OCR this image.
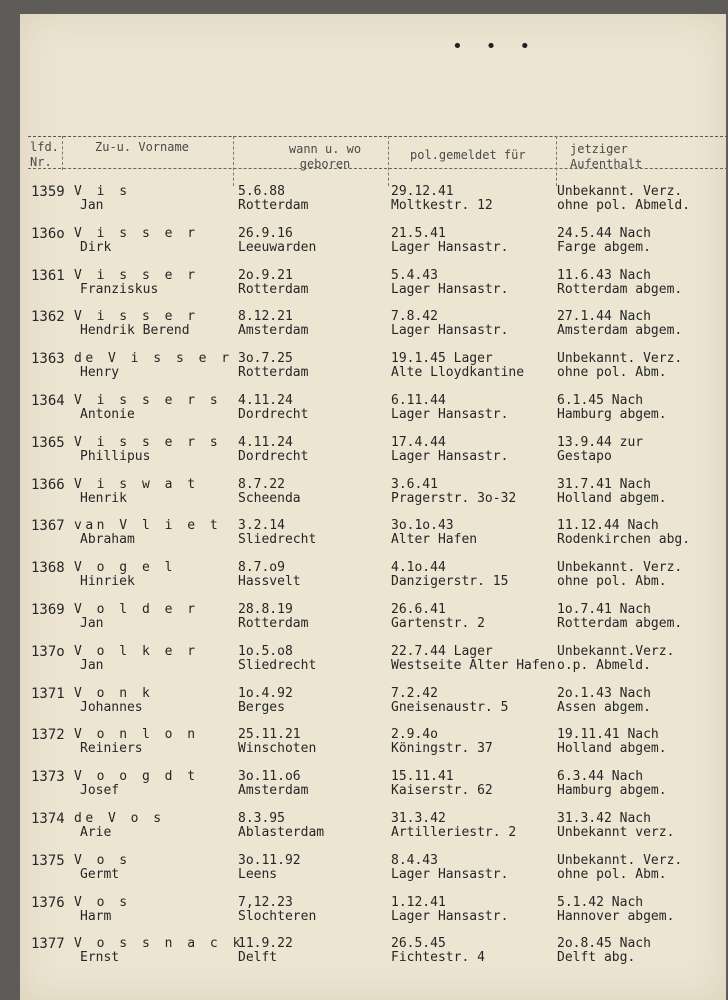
• • •
lfd. Nr.
Zu-u. Vorname	wann u. wo geboren
pol.gemeldet für	jetziger Aufenthalt
1359 V i s
Jan
5.6.88
Rotterdam
29.12.41
Moltkestr. 12
Unbekannt. Verz.
ohne pol. Abmeld.
136o V i s s e r
Dirk
26.9.16
Leeuwarden
21.5.41
Lager Hansastr.
24.5.44 Nach
Farge abgem.
1361 V i s s e r
Franziskus
2o.9.21
Rotterdam
5.4.43
Lager Hansastr.
11.6.43 Nach
Rotterdam abgem.
1362 V i s s e r
Hendrik Berend
8.12.21
Amsterdam
7.8.42
Lager Hansastr.
27.1.44 Nach
Amsterdam abgem.
1363 de V i s s e r
Henry
3o.7.25
Rotterdam
19.1.45 Lager
Alte Lloydkantine
Unbekannt. Verz.
ohne pol. Abm.
1364 V i s s e r s
Antonie
4.11.24
Dordrecht
6.11.44
Lager Hansastr.
6.1.45 Nach
Hamburg abgem.
1365 V i s s e r s
Phillipus
4.11.24
Dordrecht
17.4.44
Lager Hansastr.
13.9.44 zur
Gestapo
1366 V i s w a t
Henrik
8.7.22
Scheenda
3.6.41
Pragerstr. 3o-32
31.7.41 Nach
Holland abgem.
1367 van V l i e t
Abraham
3.2.14
Sliedrecht
3o.1o.43
Alter Hafen
11.12.44 Nach
Rodenkirchen abg.
1368 V o g e l
Hinriek
8.7.o9
Hassvelt
4.1o.44
Danzigerstr. 15
Unbekannt. Verz.
ohne pol. Abm.
1369 V o l d e r
Jan
28.8.19
Rotterdam
26.6.41
Gartenstr. 2
1o.7.41 Nach
Rotterdam abgem.
137o V o l k e r
Jan
1o.5.o8
Sliedrecht
22.7.44 Lager
Westseite Alter Hafen
Unbekannt.Verz.
o.p. Abmeld.
1371 V o n k
Johannes
1o.4.92
Berges
7.2.42
Gneisenaustr. 5
2o.1.43 Nach
Assen abgem.
1372 V o n l o n
Reiniers
25.11.21
Winschoten
2.9.4o
Köningstr. 37
19.11.41 Nach
Holland abgem.
1373 V o o g d t
Josef
3o.11.o6
Amsterdam
15.11.41
Kaiserstr. 62
6.3.44 Nach
Hamburg abgem.
1374 de V o s
Arie
8.3.95
Ablasterdam
31.3.42
Artilleriestr. 2
31.3.42 Nach
Unbekannt verz.
1375 V o s
Germt
3o.11.92
Leens
8.4.43
Lager Hansastr.
Unbekannt. Verz.
ohne pol. Abm.
1376 V o s
Harm
7,12.23
Slochteren
1.12.41
Lager Hansastr.
5.1.42 Nach
Hannover abgem.
1377 V o s s n a c k
Ernst
11.9.22
Delft
26.5.45
Fichtestr. 4
2o.8.45 Nach
Delft abg.
